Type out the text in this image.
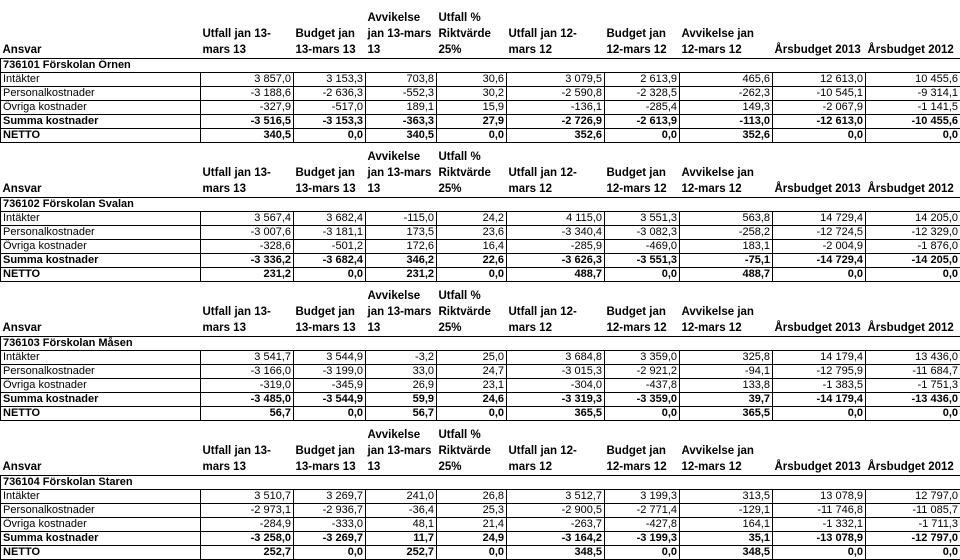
Ansvar	Utfall jan 13-mars 13	Budget jan 13-mars 13	Avvikelse jan 13-mars 13	Utfall % Riktvärde 25%	Utfall jan 12-mars 12	Budget jan 12-mars 12	Avvikelse jan 12-mars 12	Årsbudget 2013	Årsbudget 2012
736101 Förskolan Örnen									
Intäkter	3 857,0	3 153,3	703,8	30,6	3 079,5	2 613,9	465,6	12 613,0	10 455,6
Personalkostnader	-3 188,6	-2 636,3	-552,3	30,2	-2 590,8	-2 328,5	-262,3	-10 545,1	-9 314,1
Övriga kostnader	-327,9	-517,0	189,1	15,9	-136,1	-285,4	149,3	-2 067,9	-1 141,5
Summa kostnader	-3 516,5	-3 153,3	-363,3	27,9	-2 726,9	-2 613,9	-113,0	-12 613,0	-10 455,6
NETTO	340,5	0,0	340,5	0,0	352,6	0,0	352,6	0,0	0,0
Ansvar	Utfall jan 13-mars 13	Budget jan 13-mars 13	Avvikelse jan 13-mars 13	Utfall % Riktvärde 25%	Utfall jan 12-mars 12	Budget jan 12-mars 12	Avvikelse jan 12-mars 12	Årsbudget 2013	Årsbudget 2012
736102 Förskolan Svalan									
Intäkter	3 567,4	3 682,4	-115,0	24,2	4 115,0	3 551,3	563,8	14 729,4	14 205,0
Personalkostnader	-3 007,6	-3 181,1	173,5	23,6	-3 340,4	-3 082,3	-258,2	-12 724,5	-12 329,0
Övriga kostnader	-328,6	-501,2	172,6	16,4	-285,9	-469,0	183,1	-2 004,9	-1 876,0
Summa kostnader	-3 336,2	-3 682,4	346,2	22,6	-3 626,3	-3 551,3	-75,1	-14 729,4	-14 205,0
NETTO	231,2	0,0	231,2	0,0	488,7	0,0	488,7	0,0	0,0
Ansvar	Utfall jan 13-mars 13	Budget jan 13-mars 13	Avvikelse jan 13-mars 13	Utfall % Riktvärde 25%	Utfall jan 12-mars 12	Budget jan 12-mars 12	Avvikelse jan 12-mars 12	Årsbudget 2013	Årsbudget 2012
736103 Förskolan Måsen									
Intäkter	3 541,7	3 544,9	-3,2	25,0	3 684,8	3 359,0	325,8	14 179,4	13 436,0
Personalkostnader	-3 166,0	-3 199,0	33,0	24,7	-3 015,3	-2 921,2	-94,1	-12 795,9	-11 684,7
Övriga kostnader	-319,0	-345,9	26,9	23,1	-304,0	-437,8	133,8	-1 383,5	-1 751,3
Summa kostnader	-3 485,0	-3 544,9	59,9	24,6	-3 319,3	-3 359,0	39,7	-14 179,4	-13 436,0
NETTO	56,7	0,0	56,7	0,0	365,5	0,0	365,5	0,0	0,0
Ansvar	Utfall jan 13-mars 13	Budget jan 13-mars 13	Avvikelse jan 13-mars 13	Utfall % Riktvärde 25%	Utfall jan 12-mars 12	Budget jan 12-mars 12	Avvikelse jan 12-mars 12	Årsbudget 2013	Årsbudget 2012
736104 Förskolan Staren									
Intäkter	3 510,7	3 269,7	241,0	26,8	3 512,7	3 199,3	313,5	13 078,9	12 797,0
Personalkostnader	-2 973,1	-2 936,7	-36,4	25,3	-2 900,5	-2 771,4	-129,1	-11 746,8	-11 085,7
Övriga kostnader	-284,9	-333,0	48,1	21,4	-263,7	-427,8	164,1	-1 332,1	-1 711,3
Summa kostnader	-3 258,0	-3 269,7	11,7	24,9	-3 164,2	-3 199,3	35,1	-13 078,9	-12 797,0
NETTO	252,7	0,0	252,7	0,0	348,5	0,0	348,5	0,0	0,0
